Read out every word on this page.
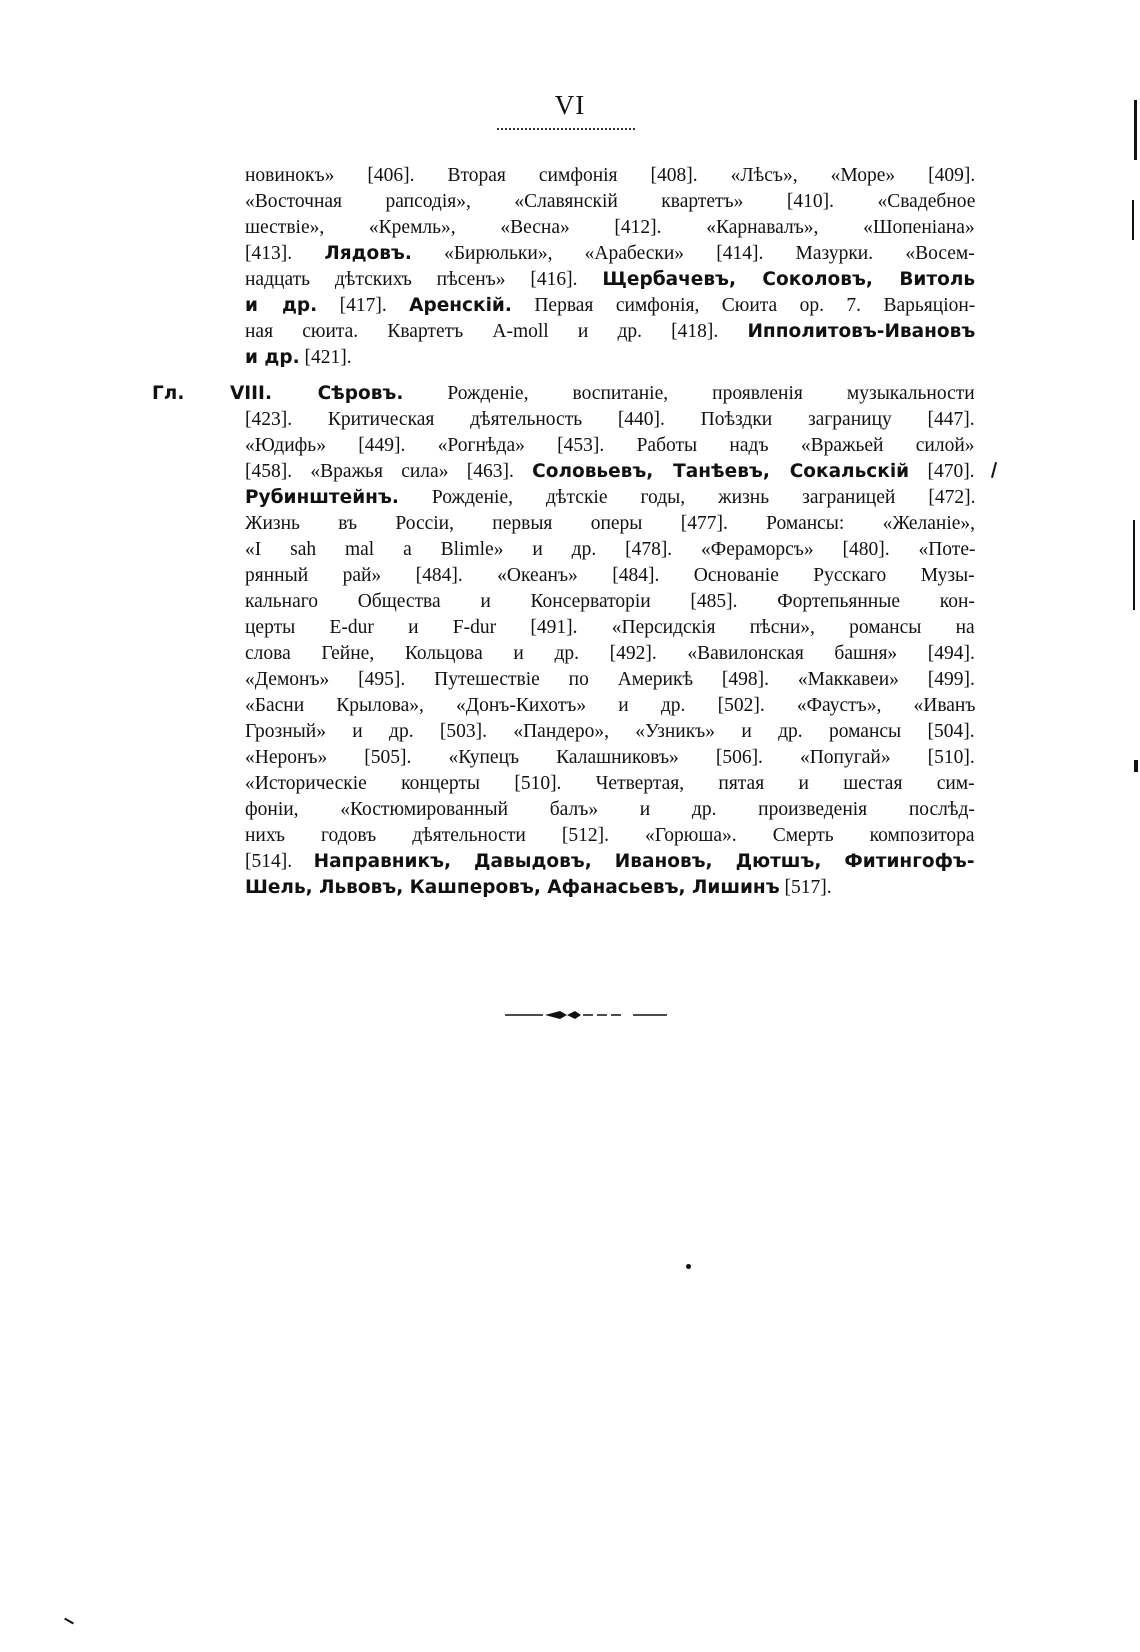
VI
новинокъ» [406]. Вторая симфонія [408]. «Лѣсъ», «Море» [409].
«Восточная рапсодія», «Славянскій квартетъ» [410]. «Свадебное
шествіе», «Кремль», «Весна» [412]. «Карнавалъ», «Шопеніана»
[413]. Лядовъ. «Бирюльки», «Арабески» [414]. Мазурки. «Восем-
надцать дѣтскихъ пѣсенъ» [416]. Щербачевъ, Соколовъ, Витоль
и др. [417]. Аренскій. Первая симфонія, Сюита ор. 7. Варьяціон-
ная сюита. Квартетъ A-moll и др. [418]. Ипполитовъ-Ивановъ
и др. [421].
Гл. VIII. Сѣровъ. Рожденіе, воспитаніе, проявленія музыкальности
[423]. Критическая дѣятельность [440]. Поѣздки заграницу [447].
«Юдифь» [449]. «Рогнѣда» [453]. Работы надъ «Вражьей силой»
[458]. «Вражья сила» [463]. Соловьевъ, Танѣевъ, Сокальскій [470].
Рубинштейнъ. Рожденіе, дѣтскіе годы, жизнь заграницей [472].
Жизнь въ Россіи, первыя оперы [477]. Романсы: «Желаніе»,
«I sah mal a Blimle» и др. [478]. «Фераморсъ» [480]. «Поте-
рянный рай» [484]. «Океанъ» [484]. Основаніе Русскаго Музы-
кальнаго Общества и Консерваторіи [485]. Фортепьянные кон-
церты E-dur и F-dur [491]. «Персидскія пѣсни», романсы на
слова Гейне, Кольцова и др. [492]. «Вавилонская башня» [494].
«Демонъ» [495]. Путешествіе по Америкѣ [498]. «Маккавеи» [499].
«Басни Крылова», «Донъ-Кихотъ» и др. [502]. «Фаустъ», «Иванъ
Грозный» и др. [503]. «Пандеро», «Узникъ» и др. романсы [504].
«Неронъ» [505]. «Купецъ Калашниковъ» [506]. «Попугай» [510].
«Историческіе концерты [510]. Четвертая, пятая и шестая сим-
фоніи, «Костюмированный балъ» и др. произведенія послѣд-
нихъ годовъ дѣятельности [512]. «Горюша». Смерть композитора
[514]. Направникъ, Давыдовъ, Ивановъ, Дютшъ, Фитингофъ-
Шель, Львовъ, Кашперовъ, Афанасьевъ, Лишинъ [517].
